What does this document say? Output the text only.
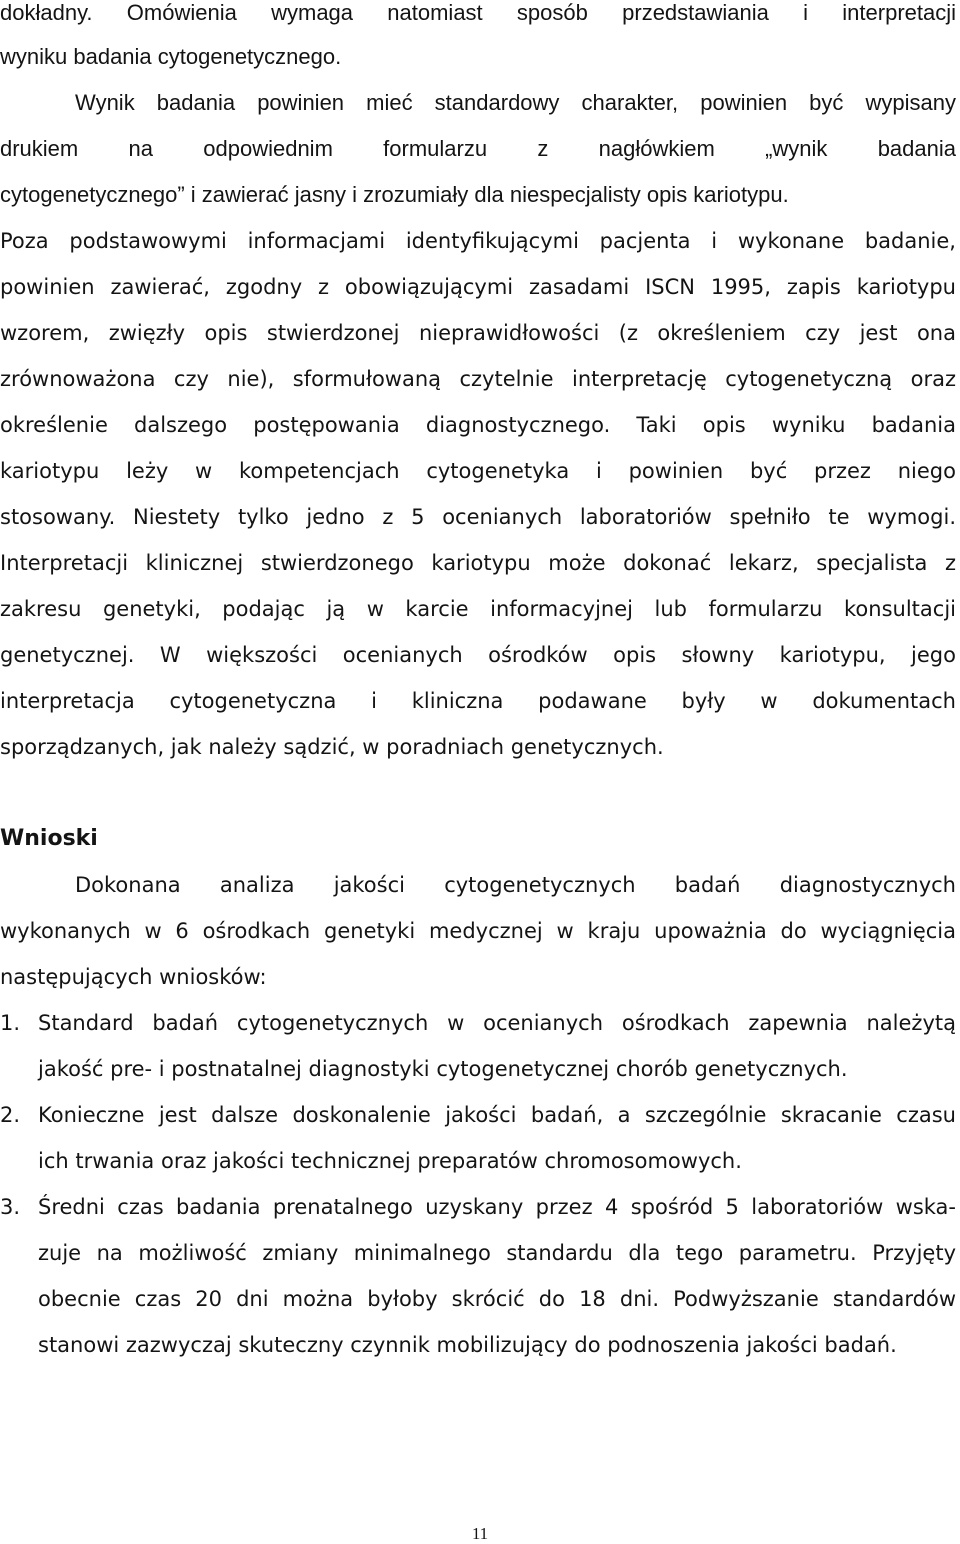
dokładny. Omówienia wymaga natomiast sposób przedstawiania i interpretacji
wyniku badania cytogenetycznego.
Wynik badania powinien mieć standardowy charakter, powinien być wypisany
drukiem na odpowiednim formularzu z nagłówkiem „wynik badania
cytogenetycznego” i zawierać jasny i zrozumiały dla niespecjalisty opis kariotypu.
Poza podstawowymi informacjami identyfikującymi pacjenta i wykonane badanie,
powinien zawierać, zgodny z obowiązującymi zasadami ISCN 1995, zapis kariotypu
wzorem, zwięzły opis stwierdzonej nieprawidłowości (z określeniem czy jest ona
zrównoważona czy nie), sformułowaną czytelnie interpretację cytogenetyczną oraz
określenie dalszego postępowania diagnostycznego. Taki opis wyniku badania
kariotypu leży w kompetencjach cytogenetyka i powinien być przez niego
stosowany. Niestety tylko jedno z 5 ocenianych laboratoriów spełniło te wymogi.
Interpretacji klinicznej stwierdzonego kariotypu może dokonać lekarz, specjalista z
zakresu genetyki, podając ją w karcie informacyjnej lub formularzu konsultacji
genetycznej. W większości ocenianych ośrodków opis słowny kariotypu, jego
interpretacja cytogenetyczna i kliniczna podawane były w dokumentach
sporządzanych, jak należy sądzić, w poradniach genetycznych.
Wnioski
Dokonana analiza jakości cytogenetycznych badań diagnostycznych
wykonanych w 6 ośrodkach genetyki medycznej w kraju upoważnia do wyciągnięcia
następujących wniosków:
1. Standard badań cytogenetycznych w ocenianych ośrodkach zapewnia należytą
jakość pre- i postnatalnej diagnostyki cytogenetycznej chorób genetycznych.
2. Konieczne jest dalsze doskonalenie jakości badań, a szczególnie skracanie czasu
ich trwania oraz jakości technicznej preparatów chromosomowych.
3. Średni czas badania prenatalnego uzyskany przez 4 spośród 5 laboratoriów wska-
zuje na możliwość zmiany minimalnego standardu dla tego parametru. Przyjęty
obecnie czas 20 dni można byłoby skrócić do 18 dni. Podwyższanie standardów
stanowi zazwyczaj skuteczny czynnik mobilizujący do podnoszenia jakości badań.
11
